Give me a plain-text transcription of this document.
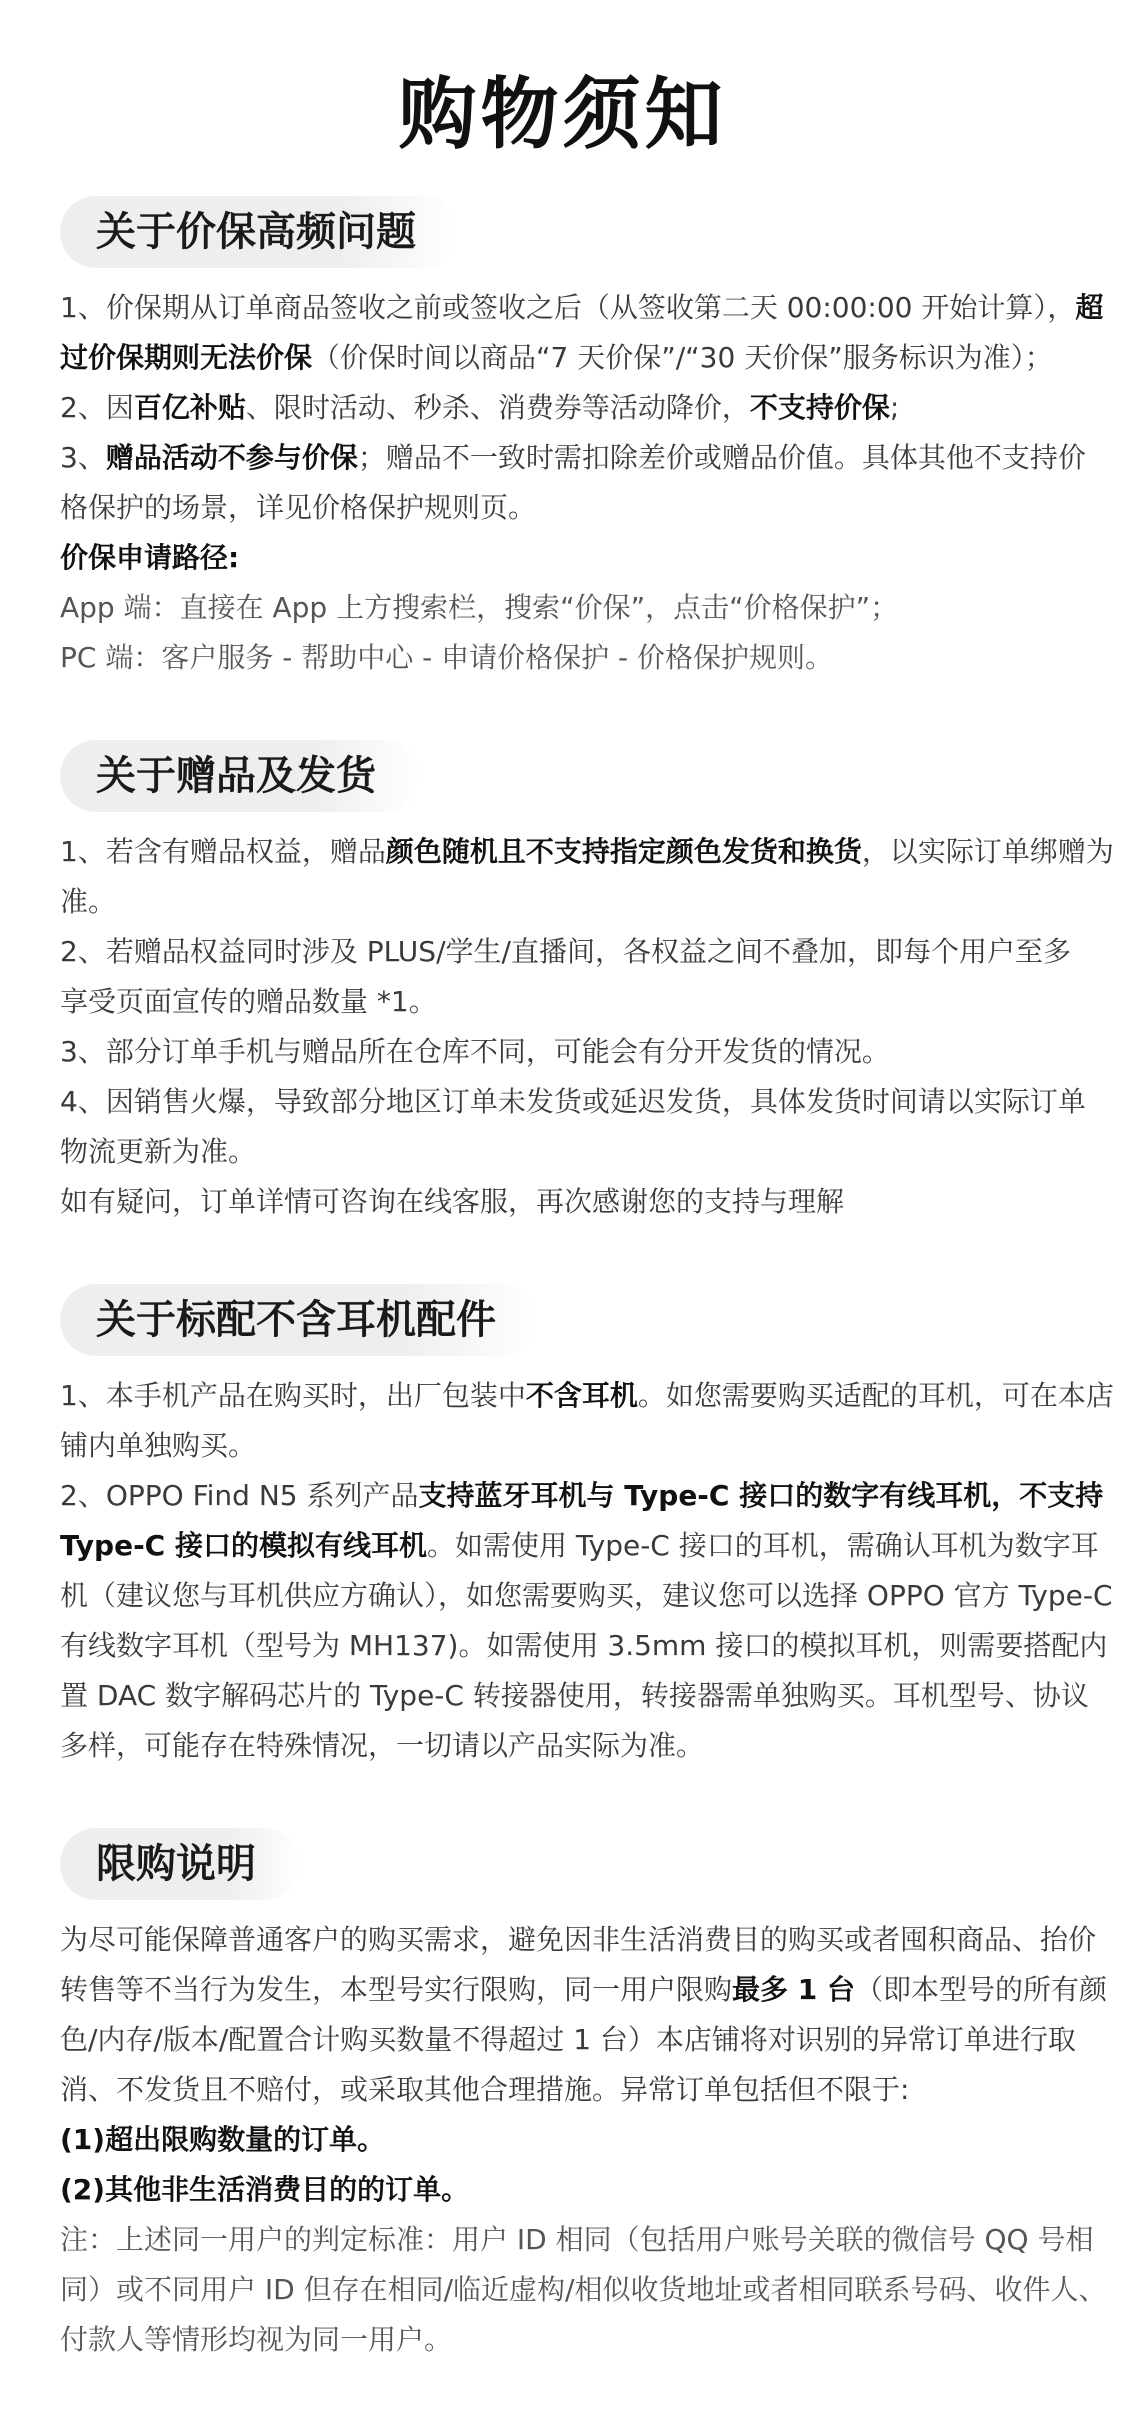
购物须知
关于价保高频问题
1、价保期从订单商品签收之前或签收之后（从签收第二天 00:00:00 开始计算），超
过价保期则无法价保（价保时间以商品“7 天价保”/“30 天价保”服务标识为准）；
2、因百亿补贴、限时活动、秒杀、消费券等活动降价，不支持价保;
3、赠品活动不参与价保；赠品不一致时需扣除差价或赠品价值。具体其他不支持价
格保护的场景，详见价格保护规则页。
价保申请路径:
App 端：直接在 App 上方搜索栏，搜索“价保”，点击“价格保护”；
PC 端：客户服务 - 帮助中心 - 申请价格保护 - 价格保护规则。
关于赠品及发货
1、若含有赠品权益，赠品颜色随机且不支持指定颜色发货和换货，以实际订单绑赠为
准。
2、若赠品权益同时涉及 PLUS/学生/直播间，各权益之间不叠加，即每个用户至多
享受页面宣传的赠品数量 *1。
3、部分订单手机与赠品所在仓库不同，可能会有分开发货的情况。
4、因销售火爆，导致部分地区订单未发货或延迟发货，具体发货时间请以实际订单
物流更新为准。
如有疑问，订单详情可咨询在线客服，再次感谢您的支持与理解
关于标配不含耳机配件
1、本手机产品在购买时，出厂包装中不含耳机。如您需要购买适配的耳机，可在本店
铺内单独购买。
2、OPPO Find N5 系列产品支持蓝牙耳机与 Type-C 接口的数字有线耳机，不支持
Type-C 接口的模拟有线耳机。如需使用 Type-C 接口的耳机，需确认耳机为数字耳
机（建议您与耳机供应方确认），如您需要购买，建议您可以选择 OPPO 官方 Type-C
有线数字耳机（型号为 MH137)。如需使用 3.5mm 接口的模拟耳机，则需要搭配内
置 DAC 数字解码芯片的 Type-C 转接器使用，转接器需单独购买。耳机型号、协议
多样，可能存在特殊情况，一切请以产品实际为准。
限购说明
为尽可能保障普通客户的购买需求，避免因非生活消费目的购买或者囤积商品、抬价
转售等不当行为发生，本型号实行限购，同一用户限购最多 1 台（即本型号的所有颜
色/内存/版本/配置合计购买数量不得超过 1 台）本店铺将对识别的异常订单进行取
消、不发货且不赔付，或采取其他合理措施。异常订单包括但不限于:
(1)超出限购数量的订单。
(2)其他非生活消费目的的订单。
注：上述同一用户的判定标准：用户 ID 相同（包括用户账号关联的微信号 QQ 号相
同）或不同用户 ID 但存在相同/临近虚构/相似收货地址或者相同联系号码、收件人、
付款人等情形均视为同一用户。
